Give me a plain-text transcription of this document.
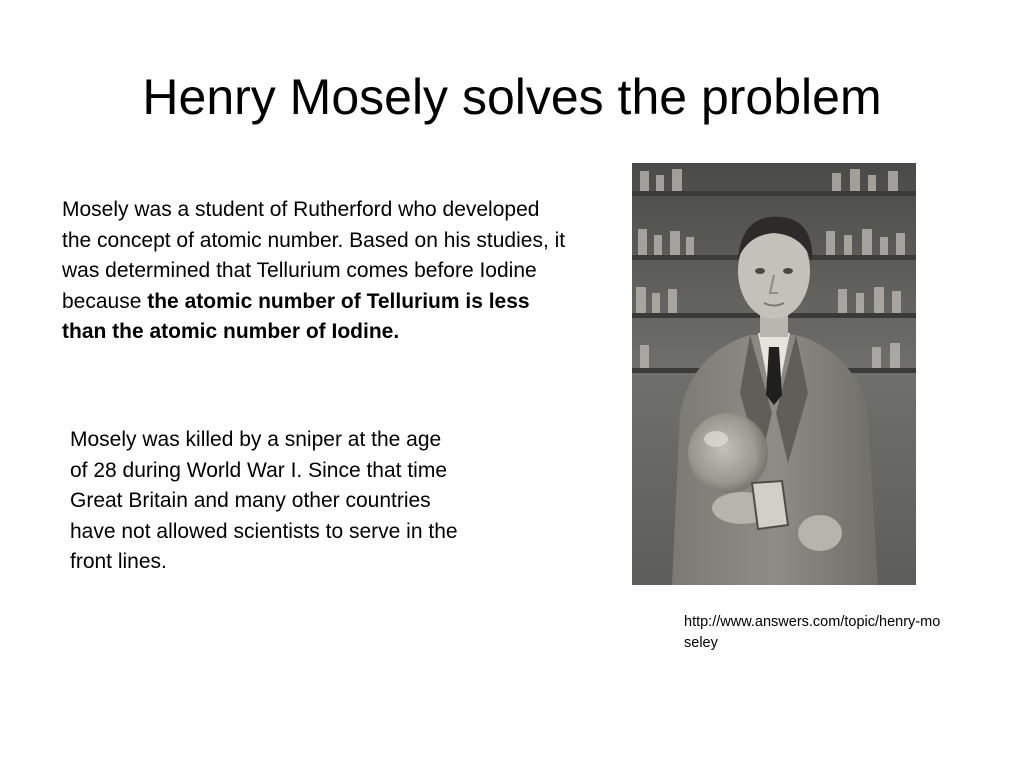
Henry Mosely solves the problem

Mosely was a student of Rutherford who developed the concept of atomic number. Based on his studies, it was determined that Tellurium comes before Iodine because the atomic number of Tellurium is less than the atomic number of Iodine.

Mosely was killed by a sniper at the age of 28 during World War I. Since that time Great Britain and many other countries have not allowed scientists to serve in the front lines.

http://www.answers.com/topic/henry-moseley
